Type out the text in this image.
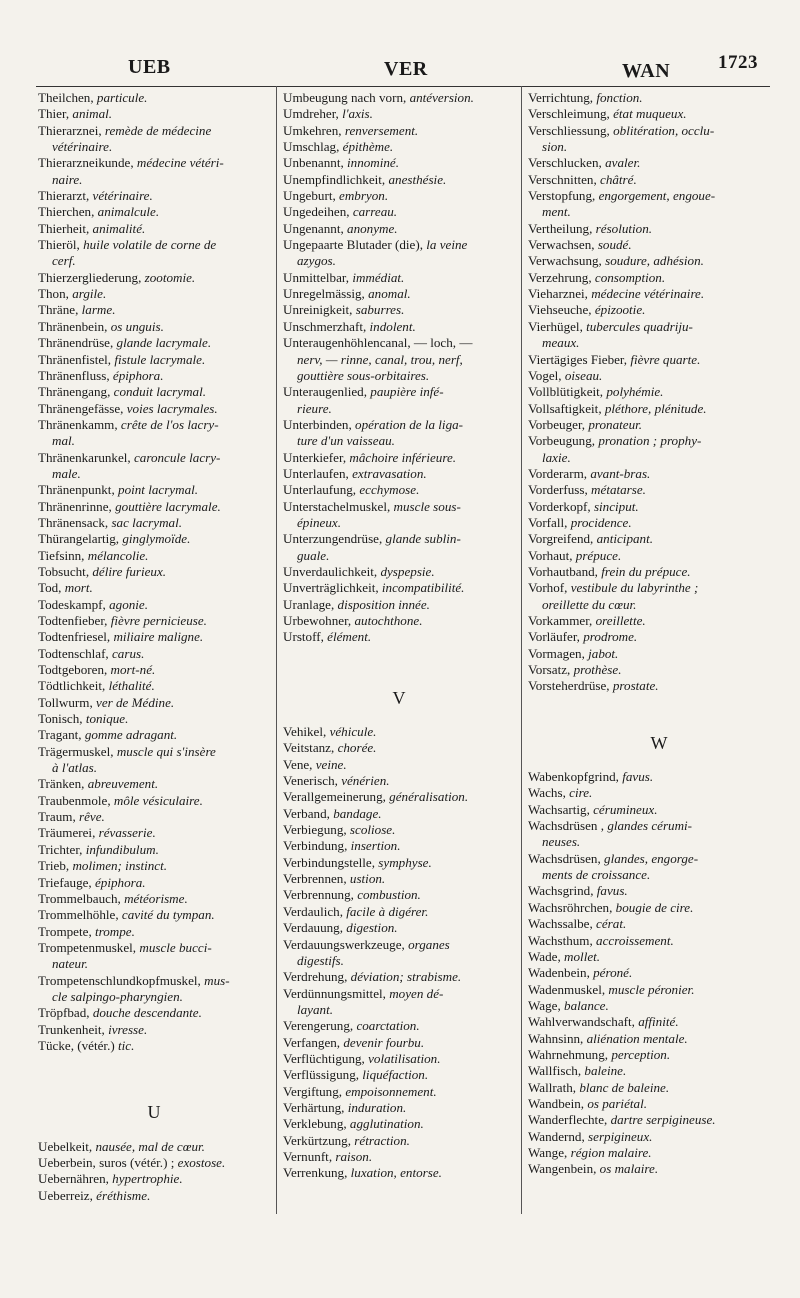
UEB	VER	WAN	1723
Theilchen, particule.
Thier, animal.
Thierarznei, remède de médecine
vétérinaire.
Thierarzneikunde, médecine vétéri-
naire.
Thierarzt, vétérinaire.
Thierchen, animalcule.
Thierheit, animalité.
Thieröl, huile volatile de corne de
cerf.
Thierzergliederung, zootomie.
Thon, argile.
Thräne, larme.
Thränenbein, os unguis.
Thränendrüse, glande lacrymale.
Thränenfistel, fistule lacrymale.
Thränenfluss, épiphora.
Thränengang, conduit lacrymal.
Thränengefässe, voies lacrymales.
Thränenkamm, crête de l'os lacry-
mal.
Thränenkarunkel, caroncule lacry-
male.
Thränenpunkt, point lacrymal.
Thränenrinne, gouttière lacrymale.
Thränensack, sac lacrymal.
Thürangelartig, ginglymoïde.
Tiefsinn, mélancolie.
Tobsucht, délire furieux.
Tod, mort.
Todeskampf, agonie.
Todtenfieber, fièvre pernicieuse.
Todtenfriesel, miliaire maligne.
Todtenschlaf, carus.
Todtgeboren, mort-né.
Tödtlichkeit, léthalité.
Tollwurm, ver de Médine.
Tonisch, tonique.
Tragant, gomme adragant.
Trägermuskel, muscle qui s'insère
à l'atlas.
Tränken, abreuvement.
Traubenmole, môle vésiculaire.
Traum, rêve.
Träumerei, révasserie.
Trichter, infundibulum.
Trieb, molimen; instinct.
Triefauge, épiphora.
Trommelbauch, météorisme.
Trommelhöhle, cavité du tympan.
Trompete, trompe.
Trompetenmuskel, muscle bucci-
nateur.
Trompetenschlundkopfmuskel, mus-
cle salpingo-pharyngien.
Tröpfbad, douche descendante.
Trunkenheit, ivresse.
Tücke, (vétér.) tic.
U
Uebelkeit, nausée, mal de cœur.
Ueberbein, suros (vétér.) ; exostose.
Uebernähren, hypertrophie.
Ueberreiz, éréthisme.
Umbeugung nach vorn, antéversion.
Umdreher, l'axis.
Umkehren, renversement.
Umschlag, épithème.
Unbenannt, innominé.
Unempfindlichkeit, anesthésie.
Ungeburt, embryon.
Ungedeihen, carreau.
Ungenannt, anonyme.
Ungepaarte Blutader (die), la veine
azygos.
Unmittelbar, immédiat.
Unregelmässig, anomal.
Unreinigkeit, saburres.
Unschmerzhaft, indolent.
Unteraugenhöhlencanal, — loch, —
nerv, — rinne, canal, trou, nerf,
gouttière sous-orbitaires.
Unteraugenlied, paupière infé-
rieure.
Unterbinden, opération de la liga-
ture d'un vaisseau.
Unterkiefer, mâchoire inférieure.
Unterlaufen, extravasation.
Unterlaufung, ecchymose.
Unterstachelmuskel, muscle sous-
épineux.
Unterzungendrüse, glande sublin-
guale.
Unverdaulichkeit, dyspepsie.
Unverträglichkeit, incompatibilité.
Uranlage, disposition innée.
Urbewohner, autochthone.
Urstoff, élément.
V
Vehikel, véhicule.
Veitstanz, chorée.
Vene, veine.
Venerisch, vénérien.
Verallgemeinerung, généralisation.
Verband, bandage.
Verbiegung, scoliose.
Verbindung, insertion.
Verbindungstelle, symphyse.
Verbrennen, ustion.
Verbrennung, combustion.
Verdaulich, facile à digérer.
Verdauung, digestion.
Verdauungswerkzeuge, organes
digestifs.
Verdrehung, déviation; strabisme.
Verdünnungsmittel, moyen dé-
layant.
Verengerung, coarctation.
Verfangen, devenir fourbu.
Verflüchtigung, volatilisation.
Verflüssigung, liquéfaction.
Vergiftung, empoisonnement.
Verhärtung, induration.
Verklebung, agglutination.
Verkürtzung, rétraction.
Vernunft, raison.
Verrenkung, luxation, entorse.
Verrichtung, fonction.
Verschleimung, état muqueux.
Verschliessung, oblitération, occlu-
sion.
Verschlucken, avaler.
Verschnitten, châtré.
Verstopfung, engorgement, engoue-
ment.
Vertheilung, résolution.
Verwachsen, soudé.
Verwachsung, soudure, adhésion.
Verzehrung, consomption.
Vieharznei, médecine vétérinaire.
Viehseuche, épizootie.
Vierhügel, tubercules quadriju-
meaux.
Viertägiges Fieber, fièvre quarte.
Vogel, oiseau.
Vollblütigkeit, polyhémie.
Vollsaftigkeit, pléthore, plénitude.
Vorbeuger, pronateur.
Vorbeugung, pronation ; prophy-
laxie.
Vorderarm, avant-bras.
Vorderfuss, métatarse.
Vorderkopf, sinciput.
Vorfall, procidence.
Vorgreifend, anticipant.
Vorhaut, prépuce.
Vorhautband, frein du prépuce.
Vorhof, vestibule du labyrinthe ;
oreillette du cœur.
Vorkammer, oreillette.
Vorläufer, prodrome.
Vormagen, jabot.
Vorsatz, prothèse.
Vorsteherdrüse, prostate.
W
Wabenkopfgrind, favus.
Wachs, cire.
Wachsartig, cérumineux.
Wachsdrüsen , glandes cérumi-
neuses.
Wachsdrüsen, glandes, engorge-
ments de croissance.
Wachsgrind, favus.
Wachsröhrchen, bougie de cire.
Wachssalbe, cérat.
Wachsthum, accroissement.
Wade, mollet.
Wadenbein, péroné.
Wadenmuskel, muscle péronier.
Wage, balance.
Wahlverwandschaft, affinité.
Wahnsinn, aliénation mentale.
Wahrnehmung, perception.
Wallfisch, baleine.
Wallrath, blanc de baleine.
Wandbein, os pariétal.
Wanderflechte, dartre serpigineuse.
Wandernd, serpigineux.
Wange, région malaire.
Wangenbein, os malaire.
